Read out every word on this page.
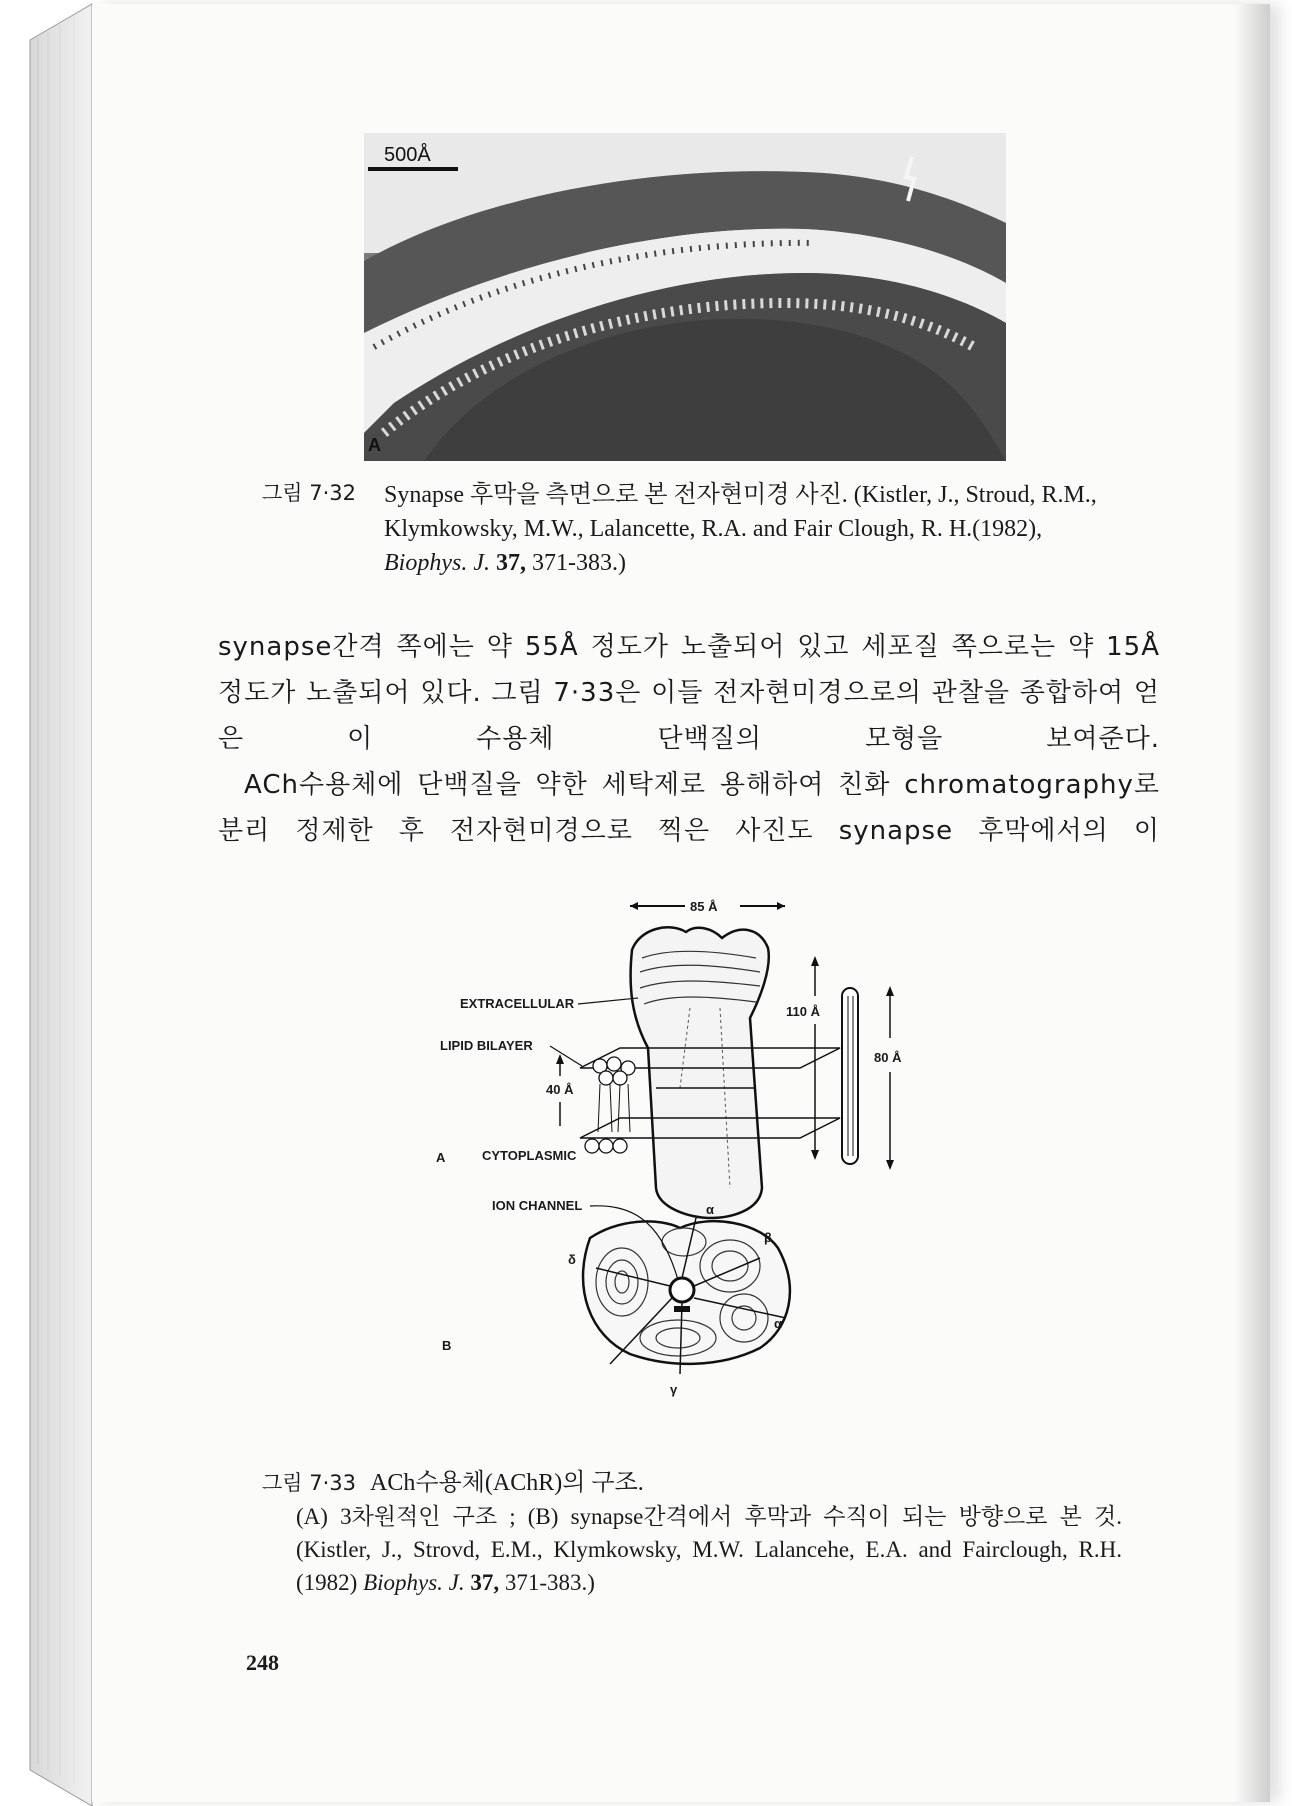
500Å
A
그림 7·32	Synapse 후막을 측면으로 본 전자현미경 사진. (Kistler, J., Stroud, R.M., Klymkowsky, M.W., Lalancette, R.A. and Fair Clough, R. H.(1982), Biophys. J. 37, 371-383.)

synapse간격 쪽에는 약 55Å 정도가 노출되어 있고 세포질 쪽으로는 약 15Å 정도가 노출되어 있다. 그림 7·33은 이들 전자현미경으로의 관찰을 종합하여 얻은 이 수용체 단백질의 모형을 보여준다.

ACh수용체에 단백질을 약한 세탁제로 용해하여 친화 chromatography로 분리 정제한 후 전자현미경으로 찍은 사진도 synapse 후막에서의 이

85 Å
110 Å
80 Å
40 Å
EXTRACELLULAR
LIPID BILAYER
CYTOPLASMIC
A
ION CHANNEL	α
β
δ
α
γ
B
그림 7·33 ACh수용체(AChR)의 구조.
(A) 3차원적인 구조 ; (B) synapse간격에서 후막과 수직이 되는 방향으로 본 것. (Kistler, J., Strovd, E.M., Klymkowsky, M.W. Lalancehe, E.A. and Fairclough, R.H.(1982) Biophys. J. 37, 371-383.)
248
